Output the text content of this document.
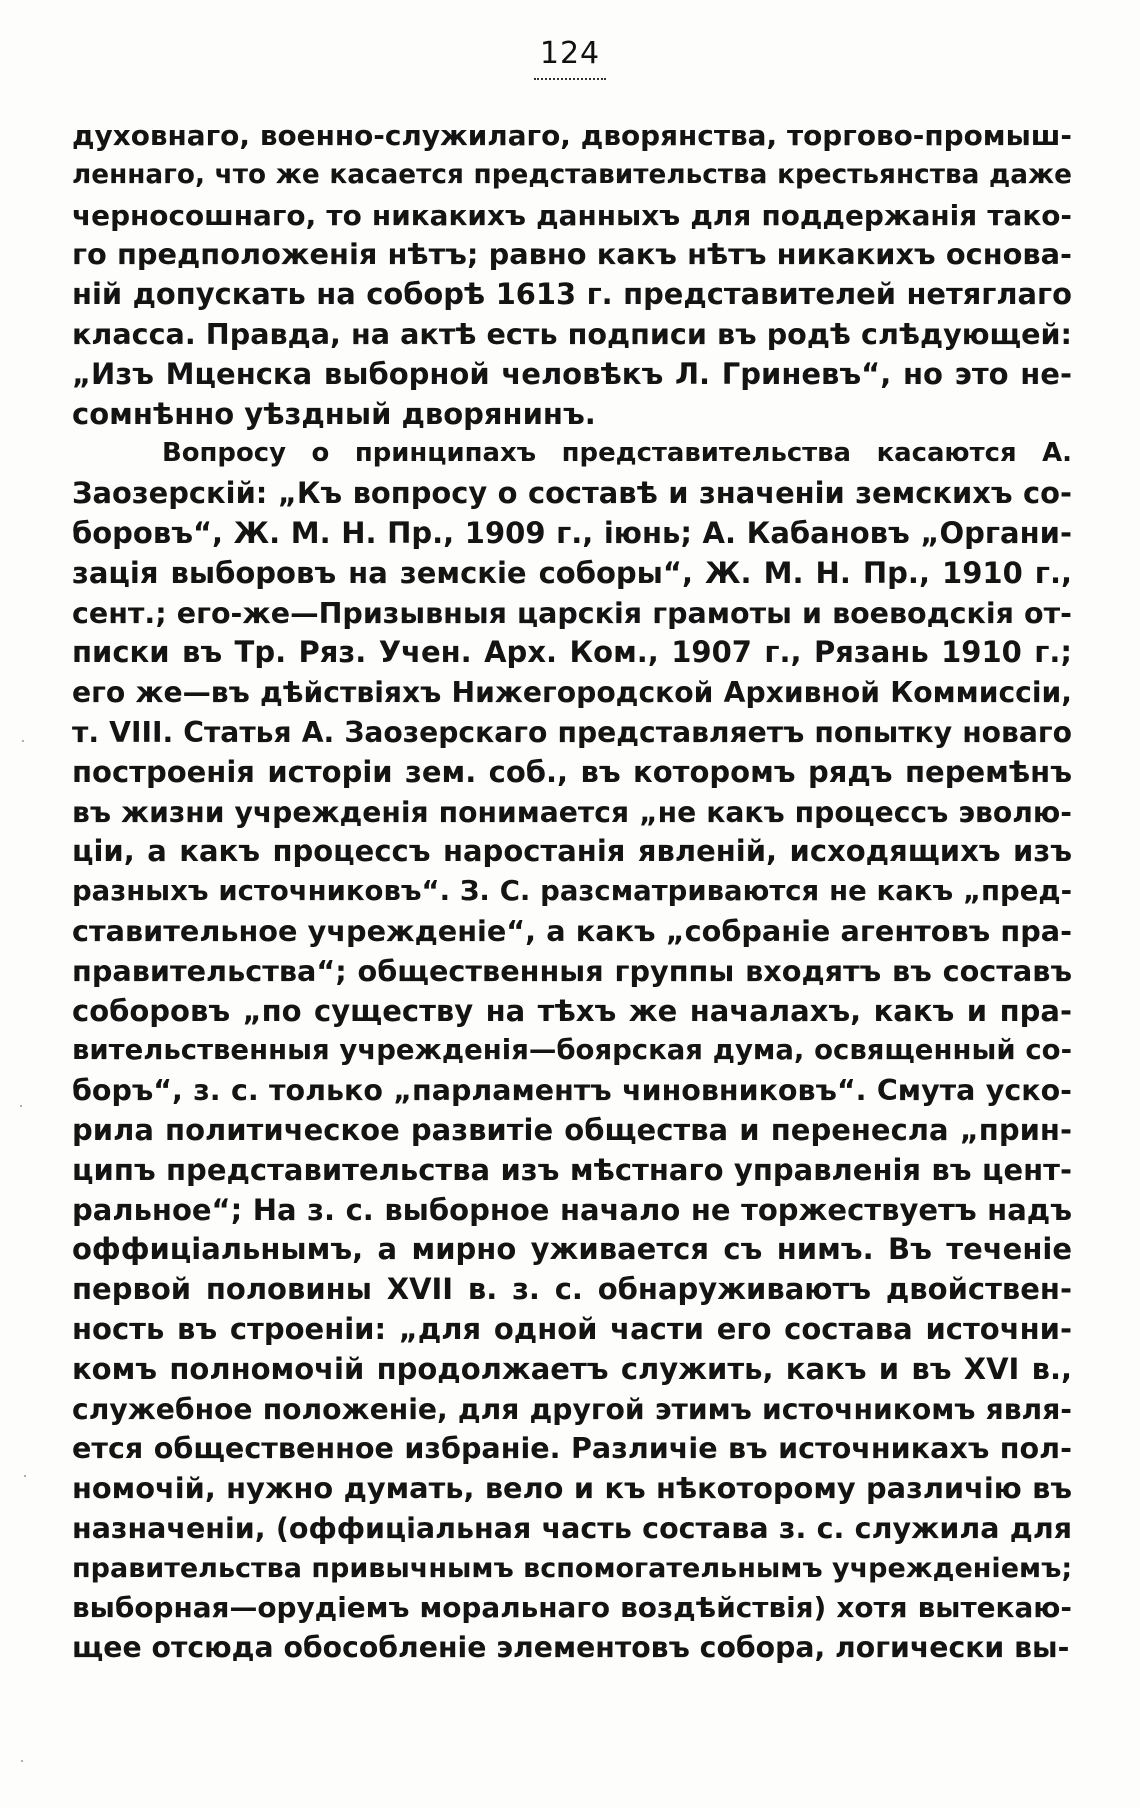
124
духовнаго, военно-служилаго, дворянства, торгово-промыш-
леннаго, что же касается представительства крестьянства даже
черносошнаго, то никакихъ данныхъ для поддержанія тако-
го предположенія нѣтъ; равно какъ нѣтъ никакихъ основа-
ній допускать на соборѣ 1613 г. представителей нетяглаго
класса. Правда, на актѣ есть подписи въ родѣ слѣдующей:
„Изъ Мценска выборной человѣкъ Л. Гриневъ“, но это не-
сомнѣнно уѣздный дворянинъ.
Вопросу о принципахъ представительства касаются А.
Заозерскій: „Къ вопросу о составѣ и значеніи земскихъ со-
боровъ“, Ж. М. Н. Пр., 1909 г., іюнь; А. Кабановъ „Органи-
зація выборовъ на земскіе соборы“, Ж. М. Н. Пр., 1910 г.,
сент.; его-же—Призывныя царскія грамоты и воеводскія от-
писки въ Тр. Ряз. Учен. Арх. Ком., 1907 г., Рязань 1910 г.;
его же—въ дѣйствіяхъ Нижегородской Архивной Коммиссіи,
т. VIII. Статья А. Заозерскаго представляетъ попытку новаго
построенія исторіи зем. соб., въ которомъ рядъ перемѣнъ
въ жизни учрежденія понимается „не какъ процессъ эволю-
ціи, а какъ процессъ наростанія явленій, исходящихъ изъ
разныхъ источниковъ“. З. С. разсматриваются не какъ „пред-
ставительное учрежденіе“, а какъ „собраніе агентовъ пра-
правительства“; общественныя группы входятъ въ составъ
соборовъ „по существу на тѣхъ же началахъ, какъ и пра-
вительственныя учрежденія—боярская дума, освященный со-
боръ“, з. с. только „парламентъ чиновниковъ“. Смута уско-
рила политическое развитіе общества и перенесла „прин-
ципъ представительства изъ мѣстнаго управленія въ цент-
ральное“; На з. с. выборное начало не торжествуетъ надъ
оффиціальнымъ, а мирно уживается съ нимъ. Въ теченіе
первой половины XVII в. з. с. обнаруживаютъ двойствен-
ность въ строеніи: „для одной части его состава источни-
комъ полномочій продолжаетъ служить, какъ и въ XVI в.,
служебное положеніе, для другой этимъ источникомъ явля-
ется общественное избраніе. Различіе въ источникахъ пол-
номочій, нужно думать, вело и къ нѣкоторому различію въ
назначеніи, (оффиціальная часть состава з. с. служила для
правительства привычнымъ вспомогательнымъ учрежденіемъ;
выборная—орудіемъ моральнаго воздѣйствія) хотя вытекаю-
щее отсюда обособленіе элементовъ собора, логически вы-
